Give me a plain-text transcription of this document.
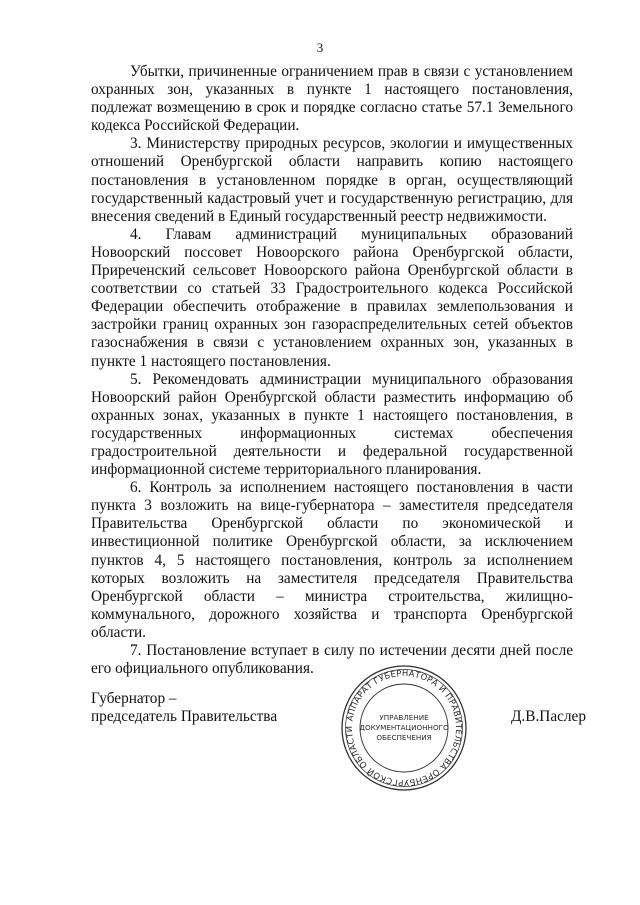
3

Убытки, причиненные ограничением прав в связи с установлением охранных зон, указанных в пункте 1 настоящего постановления, подлежат возмещению в срок и порядке согласно статье 57.1 Земельного кодекса Российской Федерации.

3. Министерству природных ресурсов, экологии и имущественных отношений Оренбургской области направить копию настоящего постановления в установленном порядке в орган, осуществляющий государственный кадастровый учет и государственную регистрацию, для внесения сведений в Единый государственный реестр недвижимости.

4. Главам администраций муниципальных образований Новоорский поссовет Новоорского района Оренбургской области, Приреченский сельсовет Новоорского района Оренбургской области в соответствии со статьей 33 Градостроительного кодекса Российской Федерации обеспечить отображение в правилах землепользования и застройки границ охранных зон газораспределительных сетей объектов газоснабжения в связи с установлением охранных зон, указанных в пункте 1 настоящего постановления.

5. Рекомендовать администрации муниципального образования Новоорский район Оренбургской области разместить информацию об охранных зонах, указанных в пункте 1 настоящего постановления, в государственных информационных системах обеспечения градостроительной деятельности и федеральной государственной информационной системе территориального планирования.

6. Контроль за исполнением настоящего постановления в части пункта 3 возложить на вице-губернатора – заместителя председателя Правительства Оренбургской области по экономической и инвестиционной политике Оренбургской области, за исключением пунктов 4, 5 настоящего постановления, контроль за исполнением которых возложить на заместителя председателя Правительства Оренбургской области – министра строительства, жилищно-коммунального, дорожного хозяйства и транспорта Оренбургской области.

7. Постановление вступает в силу по истечении десяти дней после его официального опубликования.

Губернатор –
председатель Правительства	Д.В.Паслер
АППАРАТ ГУБЕРНАТОРА И ПРАВИТЕЛЬСТВА ОРЕНБУРГСКОЙ ОБЛАСТИ
УПРАВЛЕНИЕ
ДОКУМЕНТАЦИОННОГО
ОБЕСПЕЧЕНИЯ
